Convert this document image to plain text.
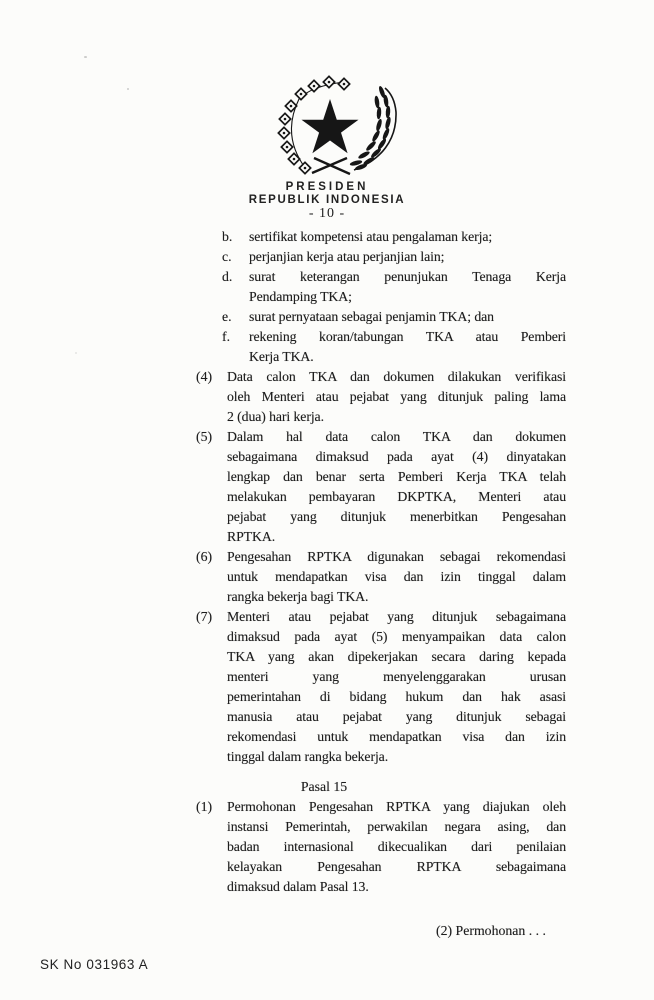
PRESIDEN
REPUBLIK INDONESIA
- 10 -
b.	sertifikat kompetensi atau pengalaman kerja;
c.	perjanjian kerja atau perjanjian lain;
d.	surat keterangan penunjukan Tenaga Kerja
Pendamping TKA;
e.	surat pernyataan sebagai penjamin TKA; dan
f.	rekening koran/tabungan TKA atau Pemberi
Kerja TKA.
(4)	Data calon TKA dan dokumen dilakukan verifikasi
oleh Menteri atau pejabat yang ditunjuk paling lama
2 (dua) hari kerja.
(5)	Dalam hal data calon TKA dan dokumen
sebagaimana dimaksud pada ayat (4) dinyatakan
lengkap dan benar serta Pemberi Kerja TKA telah
melakukan pembayaran DKPTKA, Menteri atau
pejabat yang ditunjuk menerbitkan Pengesahan
RPTKA.
(6)	Pengesahan RPTKA digunakan sebagai rekomendasi
untuk mendapatkan visa dan izin tinggal dalam
rangka bekerja bagi TKA.
(7)	Menteri atau pejabat yang ditunjuk sebagaimana
dimaksud pada ayat (5) menyampaikan data calon
TKA yang akan dipekerjakan secara daring kepada
menteri yang menyelenggarakan urusan
pemerintahan di bidang hukum dan hak asasi
manusia atau pejabat yang ditunjuk sebagai
rekomendasi untuk mendapatkan visa dan izin
tinggal dalam rangka bekerja.
Pasal 15
(1)	Permohonan Pengesahan RPTKA yang diajukan oleh
instansi Pemerintah, perwakilan negara asing, dan
badan internasional dikecualikan dari penilaian
kelayakan Pengesahan RPTKA sebagaimana
dimaksud dalam Pasal 13.
(2) Permohonan . . .
SK No 031963 A
